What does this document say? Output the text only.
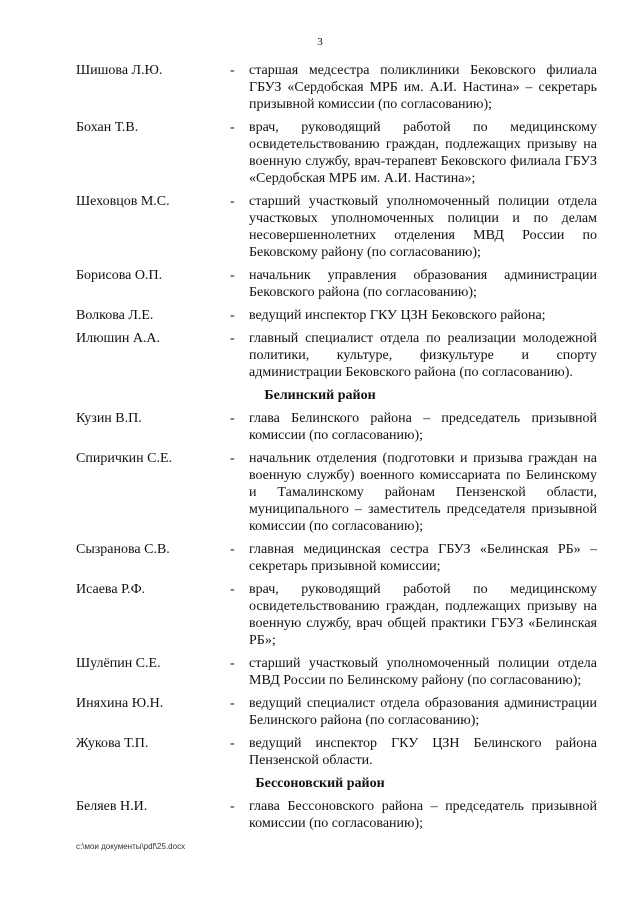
3
Шишова Л.Ю.	- старшая медсестра поликлиники Бековского филиала ГБУЗ «Сердобская МРБ им. А.И. Настина» – секретарь призывной комиссии (по согласованию);
Бохан Т.В.	- врач, руководящий работой по медицинскому освидетельствованию граждан, подлежащих призыву на военную службу, врач-терапевт Бековского филиала ГБУЗ «Сердобская МРБ им. А.И. Настина»;
Шеховцов М.С.	- старший участковый уполномоченный полиции отдела участковых уполномоченных полиции и по делам несовершеннолетних отделения МВД России по Бековскому району (по согласованию);
Борисова О.П.	- начальник управления образования администрации Бековского района (по согласованию);
Волкова Л.Е.	- ведущий инспектор ГКУ ЦЗН Бековского района;
Илюшин А.А.	- главный специалист отдела по реализации молодежной политики, культуре, физкультуре и спорту администрации Бековского района (по согласованию).
Белинский район
Кузин В.П.	- глава Белинского района – председатель призывной комиссии (по согласованию);
Спиричкин С.Е.	- начальник отделения (подготовки и призыва граждан на военную службу) военного комиссариата по Белинскому и Тамалинскому районам Пензенской области, муниципального – заместитель председателя призывной комиссии (по согласованию);
Сызранова С.В.	- главная медицинская сестра ГБУЗ «Белинская РБ» – секретарь призывной комиссии;
Исаева Р.Ф.	- врач, руководящий работой по медицинскому освидетельствованию граждан, подлежащих призыву на военную службу, врач общей практики ГБУЗ «Белинская РБ»;
Шулёпин С.Е.	- старший участковый уполномоченный полиции отдела МВД России по Белинскому району (по согласованию);
Иняхина Ю.Н.	- ведущий специалист отдела образования администрации Белинского района (по согласованию);
Жукова Т.П.	- ведущий инспектор ГКУ ЦЗН Белинского района Пензенской области.
Бессоновский район
Беляев Н.И.	- глава Бессоновского района – председатель призывной комиссии (по согласованию);
c:\мои документы\pdf\25.docx
